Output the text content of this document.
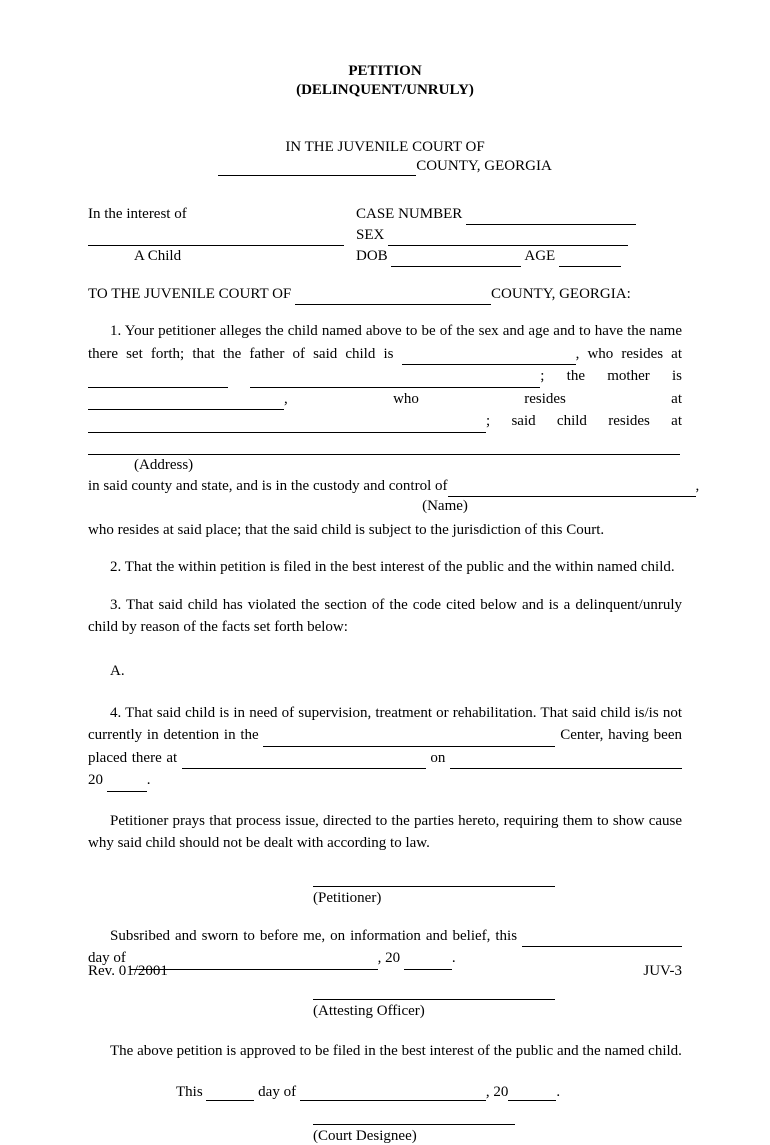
PETITION
(DELINQUENT/UNRULY)
IN THE JUVENILE COURT OF
COUNTY, GEORGIA
In the interest of
A Child
CASE NUMBER
SEX
DOB	AGE
TO THE JUVENILE COURT OF	COUNTY, GEORGIA:

1. Your petitioner alleges the child named above to be of the sex and age and to have the name there set forth; that the father of said child is	, who resides at  ; the mother is, who resides at ; said child resides at

(Address)
in said county and state, and is in the custody and control of	,
(Name)
who resides at said place; that the said child is subject to the jurisdiction of this Court.

2. That the within petition is filed in the best interest of the public and the within named child.

3. That said child has violated the section of the code cited below and is a delinquent/unruly child by reason of the facts set forth below:

A.

4. That said child is in need of supervision, treatment or rehabilitation. That said child is/is not currently in detention in the	Center, having been placed there at	on  20	.

Petitioner prays that process issue, directed to the parties hereto, requiring them to show cause why said child should not be dealt with according to law.

(Petitioner)

Subsribed and sworn to before me, on information and belief, this  day of	, 20	.

(Attesting Officer)

The above petition is approved to be filed in the best interest of the public and the named child.

This	day of	, 20	.
(Court Designee)
Rev. 01/2001	JUV-3
